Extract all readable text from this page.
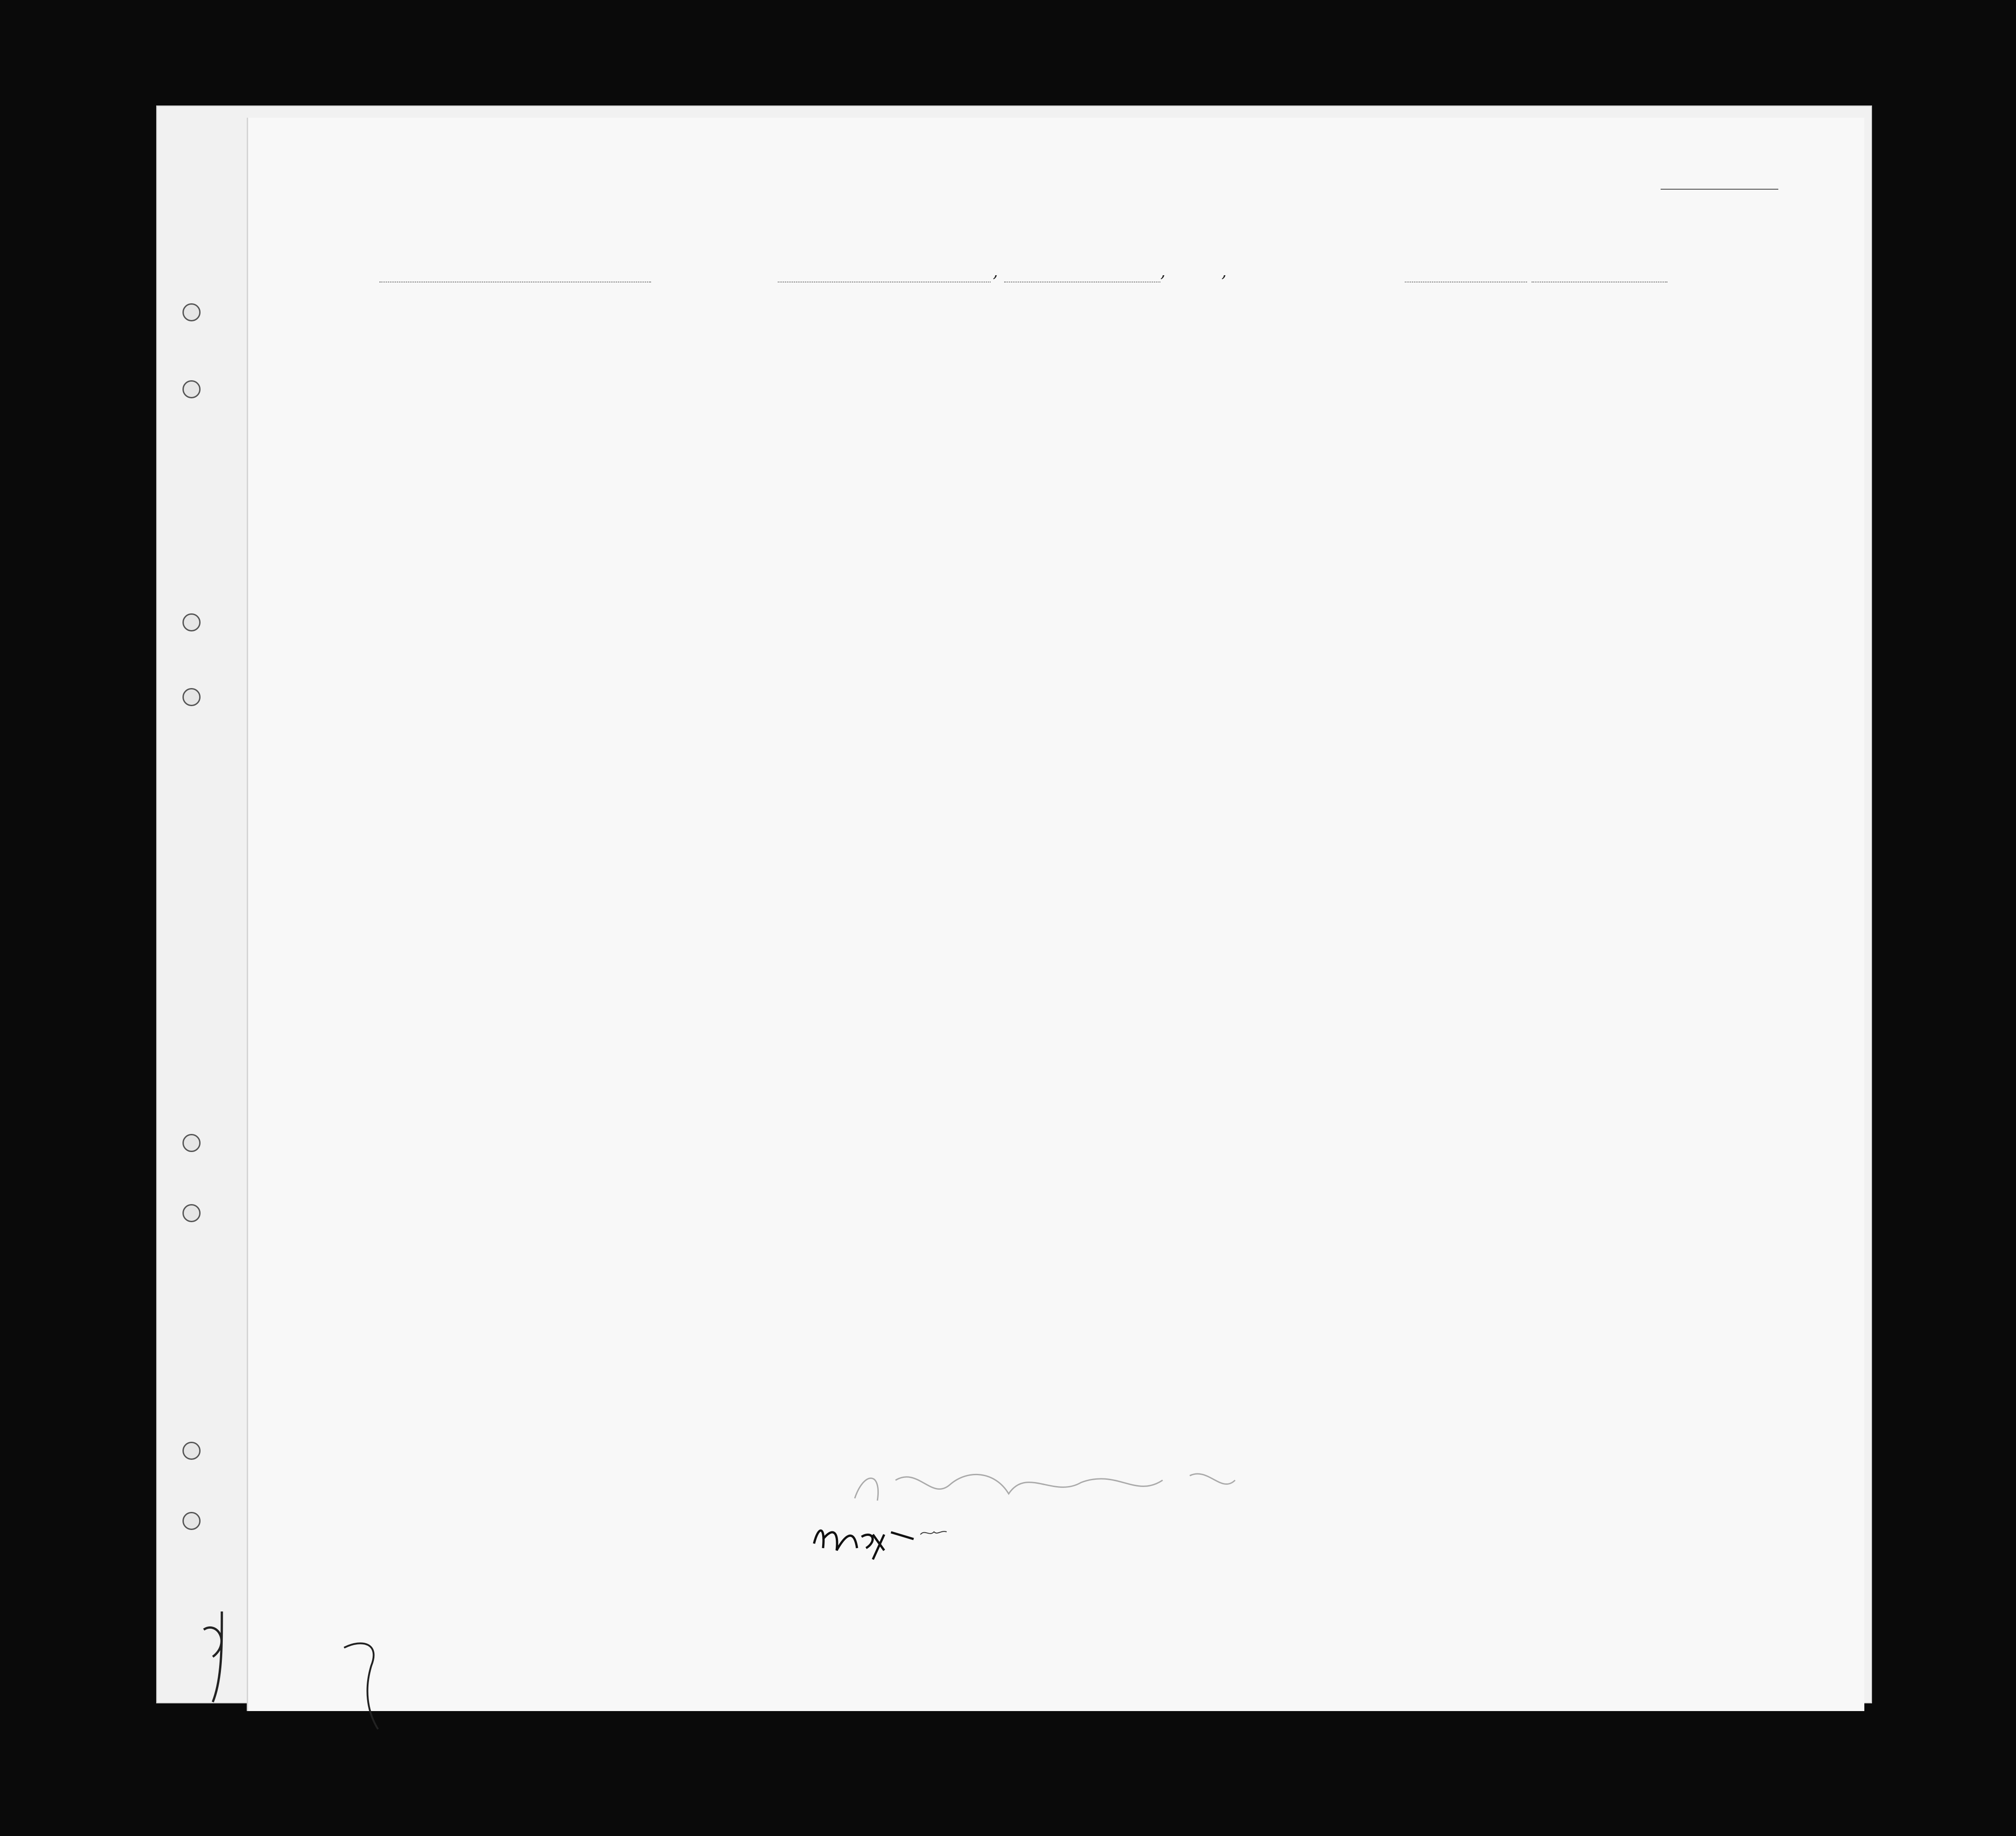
,	,	,
